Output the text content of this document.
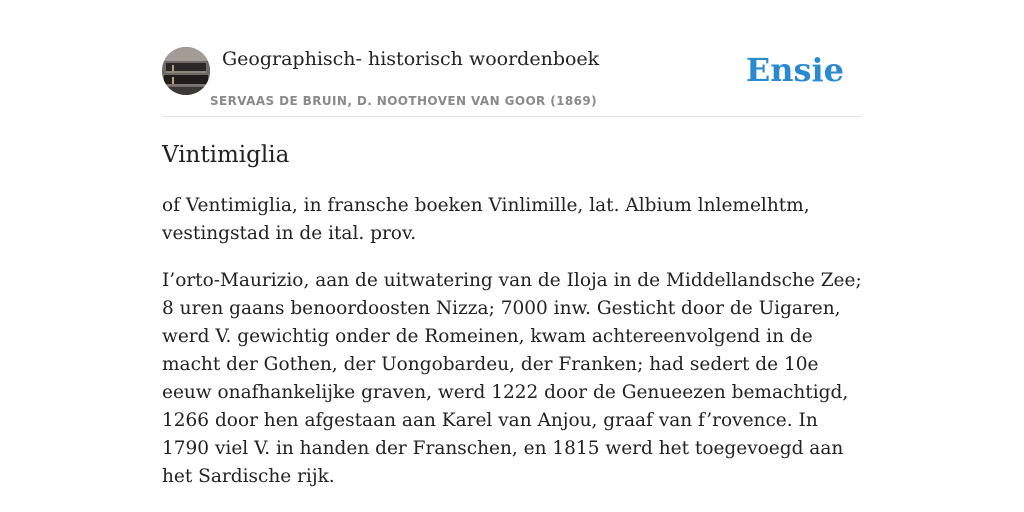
Geographisch- historisch woordenboek
SERVAAS DE BRUIN, D. NOOTHOVEN VAN GOOR (1869)
Ensie
Vintimiglia

of Ventimiglia, in fransche boeken Vinlimille, lat. Albium lnlemelhtm, vestingstad in de ital. prov.

I’orto-Maurizio, aan de uitwatering van de Iloja in de Middellandsche Zee; 8 uren gaans benoordoosten Nizza; 7000 inw. Gesticht door de Uigaren, werd V. gewichtig onder de Romeinen, kwam achtereenvolgend in de macht der Gothen, der Uongobardeu, der Franken; had sedert de 10e eeuw onafhankelijke graven, werd 1222 door de Genueezen bemachtigd, 1266 door hen afgestaan aan Karel van Anjou, graaf van f’rovence. In 1790 viel V. in handen der Franschen, en 1815 werd het toegevoegd aan het Sardische rijk.
